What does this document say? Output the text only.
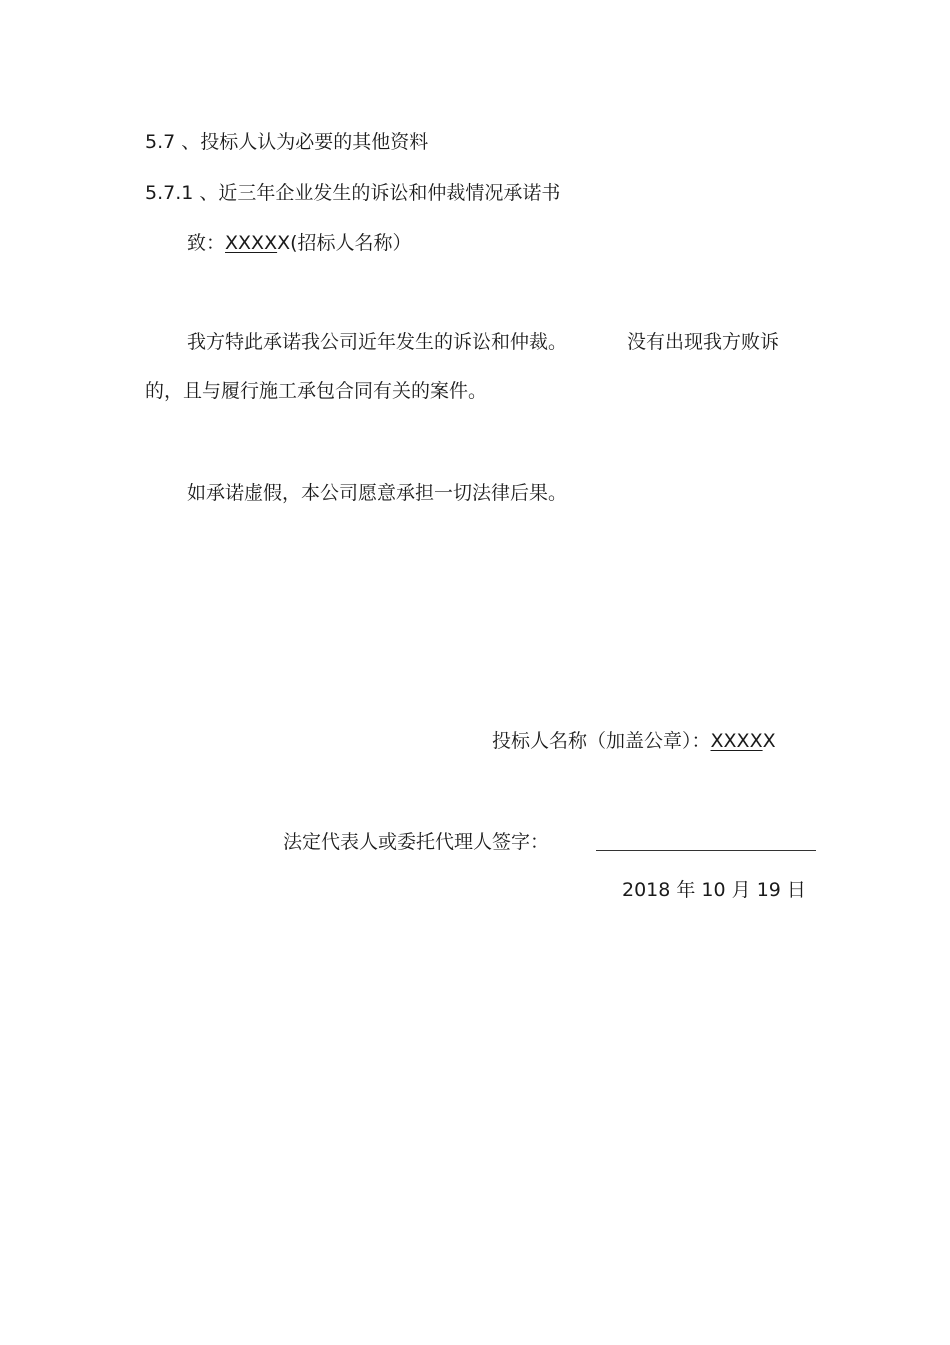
5.7 、投标人认为必要的其他资料
5.7.1 、近三年企业发生的诉讼和仲裁情况承诺书
致：XXXXX(招标人名称）
我方特此承诺我公司近年发生的诉讼和仲裁。	没有出现我方败诉
的，且与履行施工承包合同有关的案件。
如承诺虚假，本公司愿意承担一切法律后果。
投标人名称（加盖公章）：XXXXX
法定代表人或委托代理人签字：
2018 年 10 月 19 日
